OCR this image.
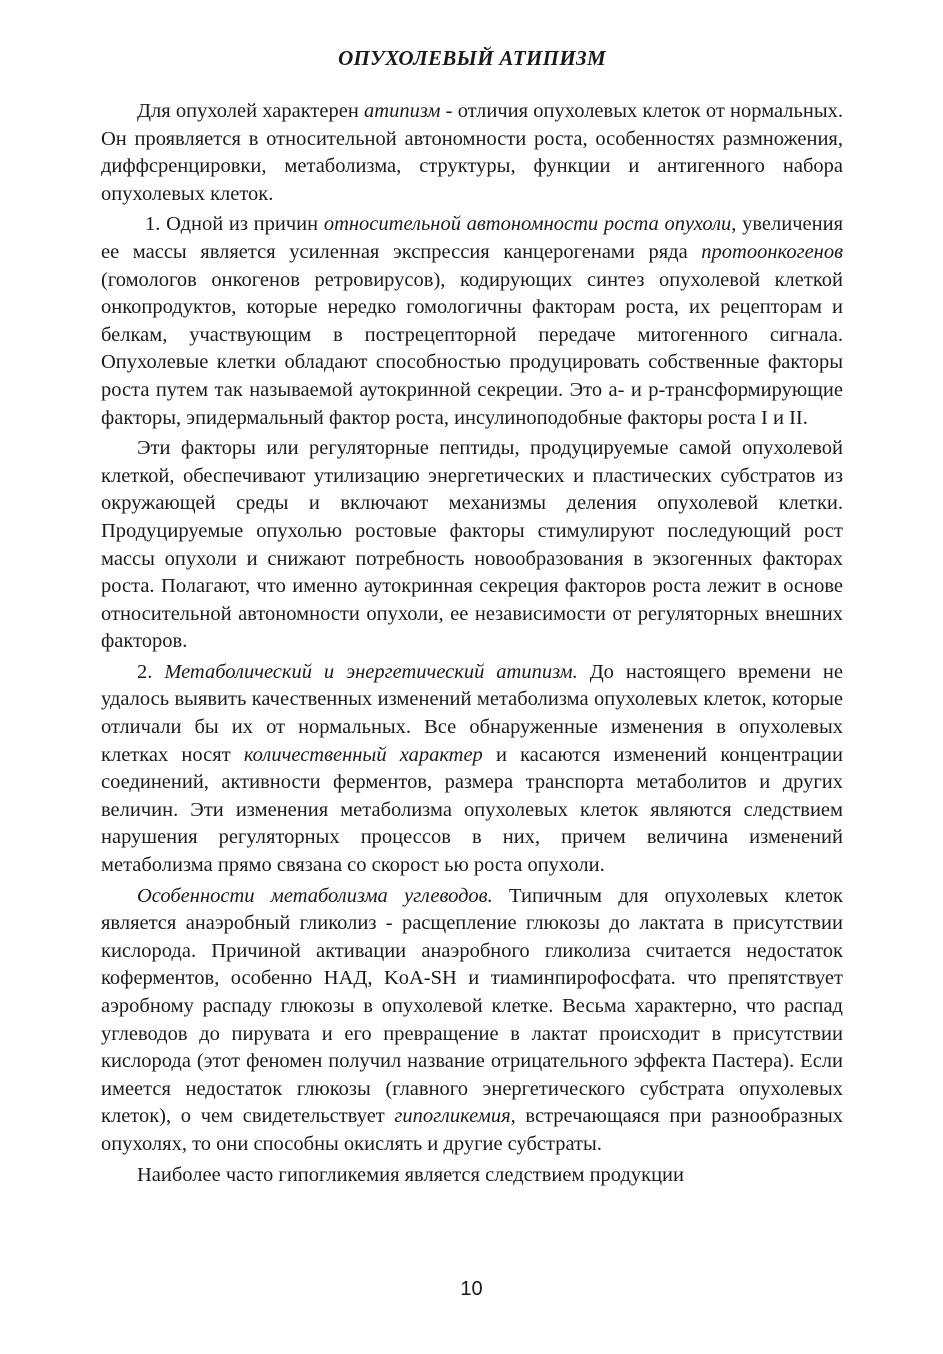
ОПУХОЛЕВЫЙ АТИПИЗМ

Для опухолей характерен атипизм - отличия опухолевых клеток от нормальных. Он проявляется в относительной автономности роста, особенностях размножения, диффсренцировки, метаболизма, структуры, функции и антигенного набора опухолевых клеток.

1. Одной из причин относительной автономности роста опухоли, увеличения ее массы является усиленная экспрессия канцерогенами ряда протоонкогенов (гомологов онкогенов ретровирусов), кодирующих синтез опухолевой клеткой онкопродуктов, которые нередко гомологичны факторам роста, их рецепторам и белкам, участвующим в пострецепторной передаче митогенного сигнала. Опухолевые клетки обладают способностью продуцировать собственные факторы роста путем так называемой аутокринной секреции. Это a- и p-трансформирующие факторы, эпидермальный фактор роста, инсулиноподобные факторы роста I и II.

Эти факторы или регуляторные пептиды, продуцируемые самой опухолевой клеткой, обеспечивают утилизацию энергетических и пластических субстратов из окружающей среды и включают механизмы деления опухолевой клетки. Продуцируемые опухолью ростовые факторы стимулируют последующий рост массы опухоли и снижают потребность новообразования в экзогенных факторах роста. Полагают, что именно аутокринная секреция факторов роста лежит в основе относительной автономности опухоли, ее независимости от регуляторных внешних факторов.

2. Метаболический и энергетический атипизм. До настоящего времени не удалось выявить качественных изменений метаболизма опухолевых клеток, которые отличали бы их от нормальных. Все обнаруженные изменения в опухолевых клетках носят количественный характер и касаются изменений концентрации соединений, активности ферментов, размера транспорта метаболитов и других величин. Эти изменения метаболизма опухолевых клеток являются следствием нарушения регуляторных процессов в них, причем величина изменений метаболизма прямо связана со скорост ью роста опухоли.

Особенности метаболизма углеводов. Типичным для опухолевых клеток является анаэробный гликолиз - расщепление глюкозы до лактата в присутствии кислорода. Причиной активации анаэробного гликолиза считается недостаток коферментов, особенно НАД, KoA-SH и тиаминпирофосфата. что препятствует аэробному распаду глюкозы в опухолевой клетке. Весьма характерно, что распад углеводов до пирувата и его превращение в лактат происходит в присутствии кислорода (этот феномен получил название отрицательного эффекта Пастера). Если имеется недостаток глюкозы (главного энергетического субстрата опухолевых клеток), о чем свидетельствует гипогликемия, встречающаяся при разнообразных опухолях, то они способны окислять и другие субстраты.

Наиболее часто гипогликемия является следствием продукции

10
